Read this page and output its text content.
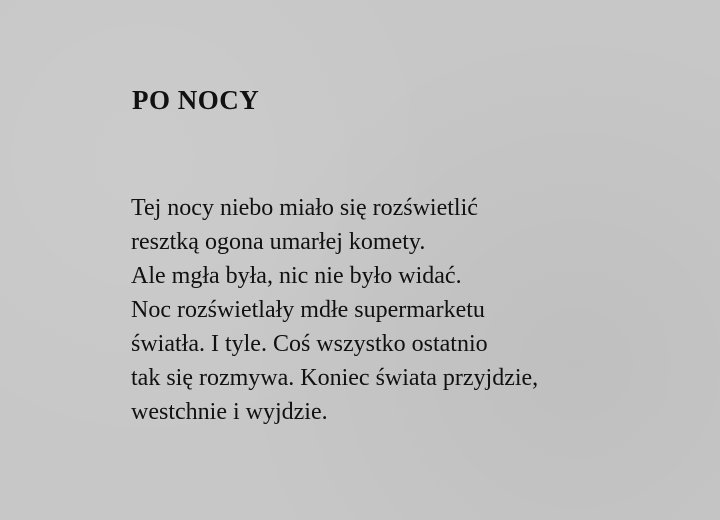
PO NOCY
Tej nocy niebo miało się rozświetlić
resztką ogona umarłej komety.
Ale mgła była, nic nie było widać.
Noc rozświetlały mdłe supermarketu
światła. I tyle. Coś wszystko ostatnio
tak się rozmywa. Koniec świata przyjdzie,
westchnie i wyjdzie.
